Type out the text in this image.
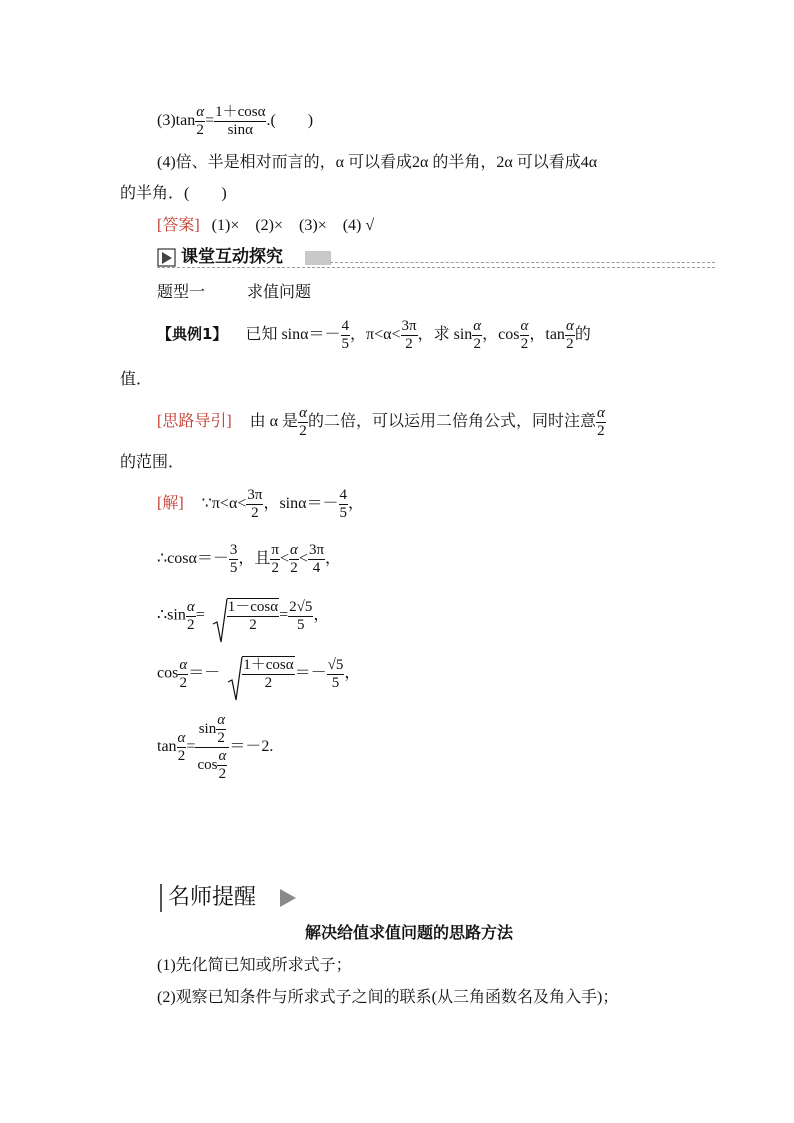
$(3)\tan \frac{\alpha}{2} = \frac{1+\cos\alpha}{\sin\alpha}$ .(　　)
(4)倍、半是相对而言的，α 可以看成2α 的半角，2α 可以看成4α
的半角．(　　)
[答案] (1)×　(2)×　(3)×　(4) √
课堂互动探究
题型一	求值问题
【典例1】 已知 $\sin\alpha=- \frac{4}{5}$ ，$\pi<\alpha< \frac{3\pi}{2}$ ，求 $\sin \frac{\alpha}{2}$ ，$\cos \frac{\alpha}{2}$ ，$\tan \frac{\alpha}{2}$ 的
值．
[思路导引] 由 α 是 $\frac{\alpha}{2}$ 的二倍，可以运用二倍角公式，同时注意 $\frac{\alpha}{2}$
的范围．
[解] ∵π<α< $\frac{3\pi}{2}$ ，$\sin\alpha=- \frac{4}{5}$ ，
∴cosα＝－ $\frac{3}{5}$ ，且 $\frac{\pi}{2} < \frac{\alpha}{2} < \frac{3\pi}{4}$ ，
∴sin $\frac{\alpha}{2} = \frac{1-\cos\alpha}{2} = \frac{2√5}{5}$ ，
$\cos \frac{\alpha}{2} =- \frac{1+\cos\alpha}{2} =- \frac{√5}{5}$ ，
$\tan \frac{\alpha}{2} = \frac{\sin \frac{\alpha}{2}}{\cos \frac{\alpha}{2}} =-2$.
名师提醒
解决给值求值问题的思路方法
(1)先化简已知或所求式子；
(2)观察已知条件与所求式子之间的联系(从三角函数名及角入手)；
